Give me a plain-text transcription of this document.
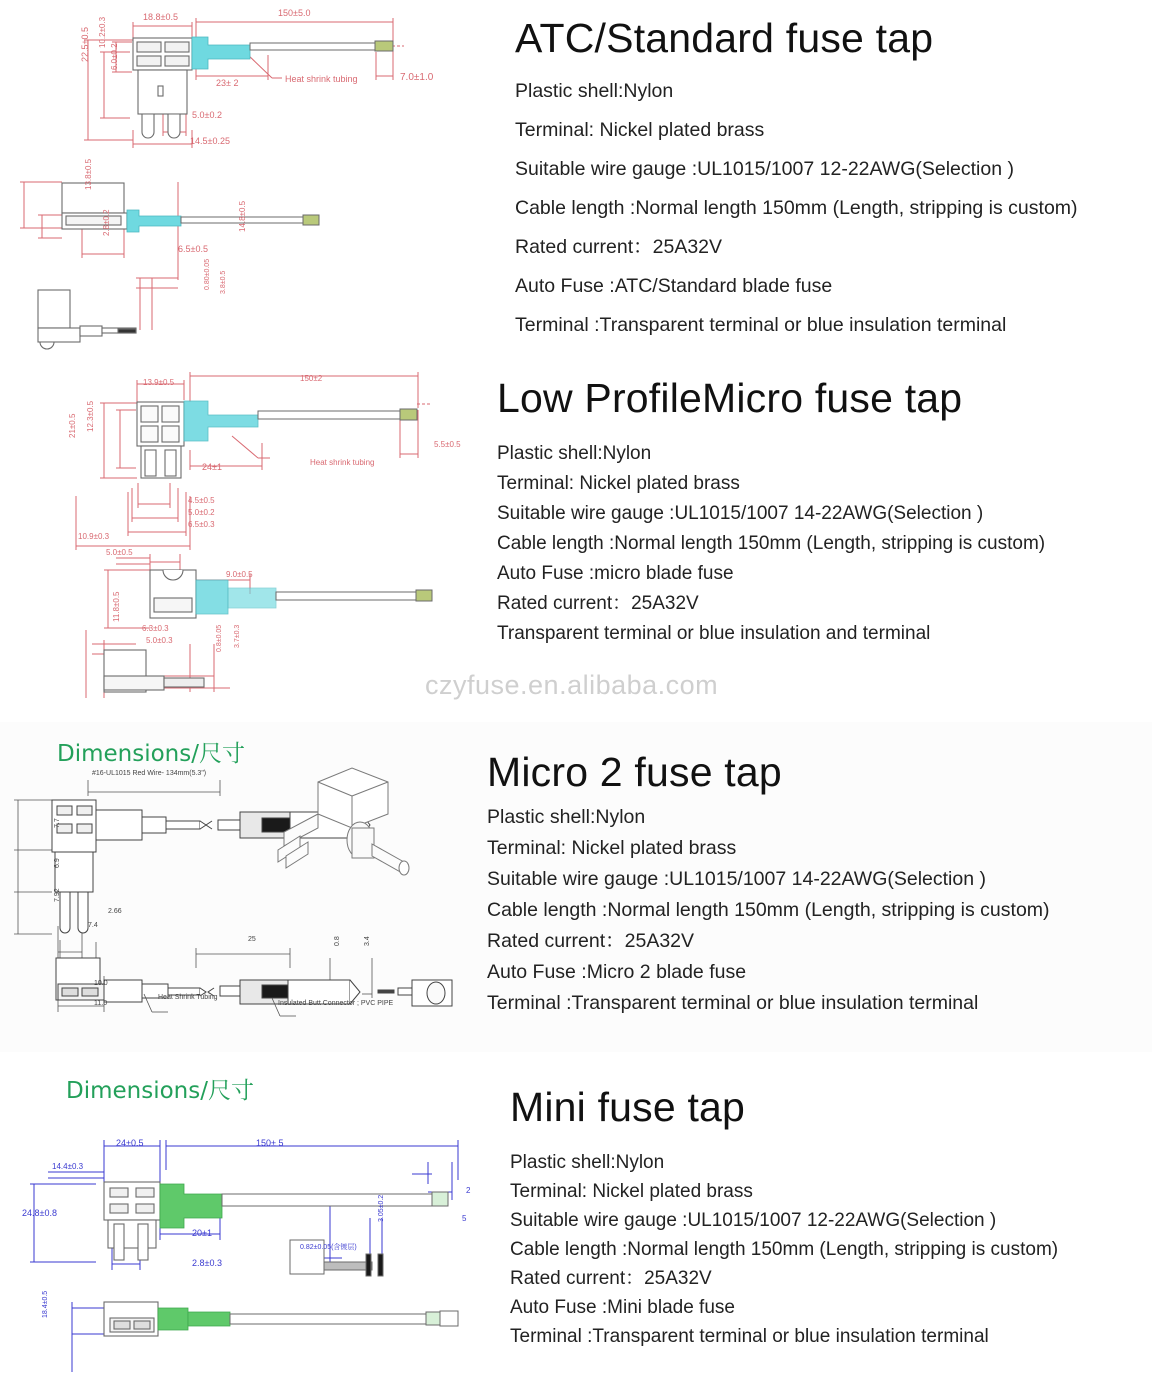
ATC/Standard fuse tap
Plastic shell:Nylon
Terminal: Nickel plated brass
Suitable wire gauge :UL1015/1007 12-22AWG(Selection )
Cable length :Normal length 150mm (Length, stripping is custom)
Rated current：25A32V
Auto Fuse :ATC/Standard blade fuse
Terminal :Transparent terminal or blue insulation terminal
Low ProfileMicro fuse tap
Plastic shell:Nylon
Terminal: Nickel plated brass
Suitable wire gauge :UL1015/1007 14-22AWG(Selection )
Cable length :Normal length 150mm (Length, stripping is custom)
Auto Fuse :micro blade fuse
Rated current：25A32V
Transparent terminal or blue insulation and terminal
Dimensions/尺寸	Micro 2 fuse tap
Plastic shell:Nylon
Terminal: Nickel plated brass
Suitable wire gauge :UL1015/1007 14-22AWG(Selection )
Cable length :Normal length 150mm (Length, stripping is custom)
Rated current：25A32V
Auto Fuse :Micro 2 blade fuse
Terminal :Transparent terminal or blue insulation terminal
Dimensions/尺寸	Mini fuse tap
Plastic shell:Nylon
Terminal: Nickel plated brass
Suitable wire gauge :UL1015/1007 12-22AWG(Selection )
Cable length :Normal length 150mm (Length, stripping is custom)
Rated current：25A32V
Auto Fuse :Mini blade fuse
Terminal :Transparent terminal or blue insulation terminal
czyfuse.en.alibaba.com
18.8±0.5	150±5.0
22.5±0.5 10.2±0.3
6.0±0.2
23± 2	7.0±1.0
5.0±0.2
14.5±0.25
Heat shrink tubing
13.8±0.5
2.8±0.2
6.5±0.5
14.8±0.5
0.80±0.05 3.8±0.5
13.9±0.5	150±2
21±0.5 12.3±0.5
24±1	Heat shrink tubing
5.5±0.5
4.5±0.5
5.0±0.2
6.5±0.3
10.9±0.3
5.0±0.5
9.0±0.5
11.8±0.5
6.3±0.3
5.0±0.3	0.8±0.05 3.7±0.3
#16-UL1015 Red Wire- 134mm(5.3")
7.7
6.9
7.92
2.66
7.4
25
10.0
11.0
0.8	3.4
Heat Shrink Tubing
Insulated Butt Connector ; PVC PIPE
24±0.5	150± 5
14.4±0.3
24.8±0.8
20±1
2.8±0.3
3.05±0.2
0.82±0.05(含镀层)
2
5
18.4±0.5
